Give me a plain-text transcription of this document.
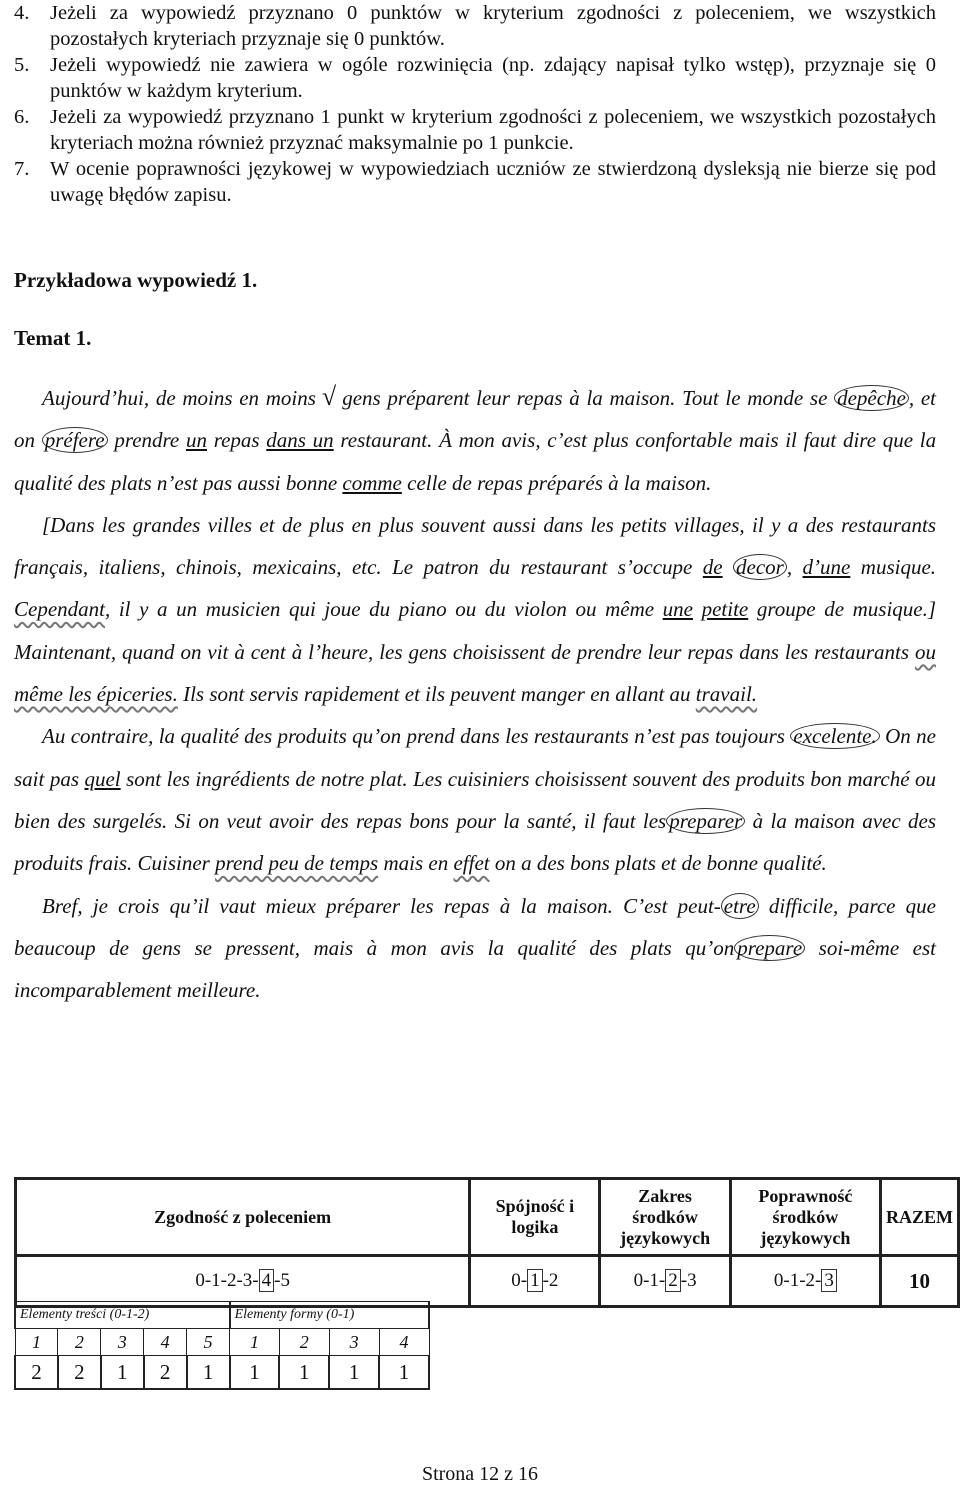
4.	Jeżeli za wypowiedź przyznano 0 punktów w kryterium zgodności z poleceniem, we wszystkich pozostałych kryteriach przyznaje się 0 punktów.
5.	Jeżeli wypowiedź nie zawiera w ogóle rozwinięcia (np. zdający napisał tylko wstęp), przyznaje się 0 punktów w każdym kryterium.
6.	Jeżeli za wypowiedź przyznano 1 punkt w kryterium zgodności z poleceniem, we wszystkich pozostałych kryteriach można również przyznać maksymalnie po 1 punkcie.
7.	W ocenie poprawności językowej w wypowiedziach uczniów ze stwierdzoną dysleksją nie bierze się pod uwagę błędów zapisu.
Przykładowa wypowiedź 1.
Temat 1.

Aujourd’hui, de moins en moins √ gens préparent leur repas à la maison. Tout le monde se depêche , et on préfere prendre un repas dans un restaurant. À mon avis, c’est plus confortable mais il faut dire que la qualité des plats n’est pas aussi bonne comme celle de repas préparés à la maison.

[Dans les grandes villes et de plus en plus souvent aussi dans les petits villages, il y a des restaurants français, italiens, chinois, mexicains, etc. Le patron du restaurant s’occupe de decor , d’une musique. Cependant, il y a un musicien qui joue du piano ou du violon ou même une petite groupe de musique.] Maintenant, quand on vit à cent à l’heure, les gens choisissent de prendre leur repas dans les restaurants ou même les épiceries. Ils sont servis rapidement et ils peuvent manger en allant au travail.

Au contraire, la qualité des produits qu’on prend dans les restaurants n’est pas toujours excelente. On ne sait pas quel sont les ingrédients de notre plat. Les cuisiniers choisissent souvent des produits bon marché ou bien des surgelés. Si on veut avoir des repas bons pour la santé, il faut les preparer à la maison avec des produits frais. Cuisiner prend peu de temps mais en effet on a des bons plats et de bonne qualité.

Bref, je crois qu’il vaut mieux préparer les repas à la maison. C’est peut- etre difficile, parce que beaucoup de gens se pressent, mais à mon avis la qualité des plats qu’on prepare soi-même est incomparablement meilleure.

Zgodność z poleceniem	Spójność i logika	Zakres środków językowych	Poprawność środków językowych	RAZEM
0-1-2-3- 4 -5	0- 1 -2	0-1- 2 -3	0-1-2- 3	10
Elementy treści (0-1-2)					Elementy formy (0-1)			
1	2	3	4	5	1	2	3	4
2	2	1	2	1	1	1	1	1
Strona 12 z 16
